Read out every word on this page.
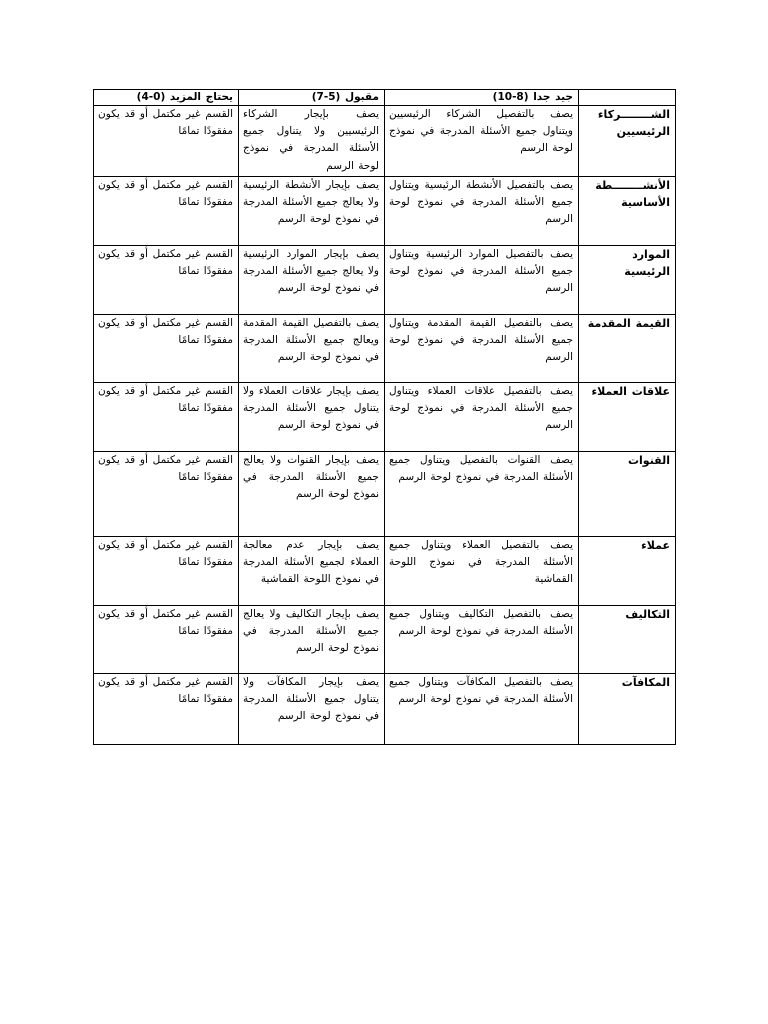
	جيد جدا (8-10)	مقبول (5-7)	يحتاج المزيد (0-4)
الشــــــــركاء الرئيسيين	يصف بالتفصيل الشركاء الرئيسيين ويتناول جميع الأسئلة المدرجة في نموذج لوحة الرسم	يصف بإيجار الشركاء الرئيسيين ولا يتناول جميع الأسئلة المدرجة في نموذج لوحة الرسم	القسم غير مكتمل أو قد يكون مفقودًا تمامًا
الأنشــــــــطة الأساسية	يصف بالتفصيل الأنشطة الرئيسية ويتناول جميع الأسئلة المدرجة في نموذج لوحة الرسم	يصف بإيجار الأنشطة الرئيسية ولا يعالج جميع الأسئلة المدرجة في نموذج لوحة الرسم	القسم غير مكتمل أو قد يكون مفقودًا تمامًا
الموارد الرئيسية	يصف بالتفصيل الموارد الرئيسية ويتناول جميع الأسئلة المدرجة في نموذج لوحة الرسم	يصف بإيجار الموارد الرئيسية ولا يعالج جميع الأسئلة المدرجة في نموذج لوحة الرسم	القسم غير مكتمل أو قد يكون مفقودًا تمامًا
القيمة المقدمة	يصف بالتفصيل القيمة المقدمة ويتناول جميع الأسئلة المدرجة في نموذج لوحة الرسم	يصف بالتفصيل القيمة المقدمة ويعالج جميع الأسئلة المدرجة في نموذج لوحة الرسم	القسم غير مكتمل أو قد يكون مفقودًا تمامًا
علاقات العملاء	يصف بالتفصيل علاقات العملاء ويتناول جميع الأسئلة المدرجة في نموذج لوحة الرسم	يصف بإيجار علاقات العملاء ولا يتناول جميع الأسئلة المدرجة في نموذج لوحة الرسم	القسم غير مكتمل أو قد يكون مفقودًا تمامًا
القنوات	يصف القنوات بالتفصيل ويتناول جميع الأسئلة المدرجة في نموذج لوحة الرسم	يصف بإيجار القنوات ولا يعالج جميع الأسئلة المدرجة في نموذج لوحة الرسم	القسم غير مكتمل أو قد يكون مفقودًا تمامًا
عملاء	يصف بالتفصيل العملاء ويتناول جميع الأسئلة المدرجة في نموذج اللوحة القماشية	يصف بإيجار عدم معالجة العملاء لجميع الأسئلة المدرجة في نموذج اللوحة القماشية	القسم غير مكتمل أو قد يكون مفقودًا تمامًا
التكاليف	يصف بالتفصيل التكاليف ويتناول جميع الأسئلة المدرجة في نموذج لوحة الرسم	يصف بإيجار التكاليف ولا يعالج جميع الأسئلة المدرجة في نموذج لوحة الرسم	القسم غير مكتمل أو قد يكون مفقودًا تمامًا
المكافآت	يصف بالتفصيل المكافآت ويتناول جميع الأسئلة المدرجة في نموذج لوحة الرسم	يصف بإيجار المكافآت ولا يتناول جميع الأسئلة المدرجة في نموذج لوحة الرسم	القسم غير مكتمل أو قد يكون مفقودًا تمامًا
